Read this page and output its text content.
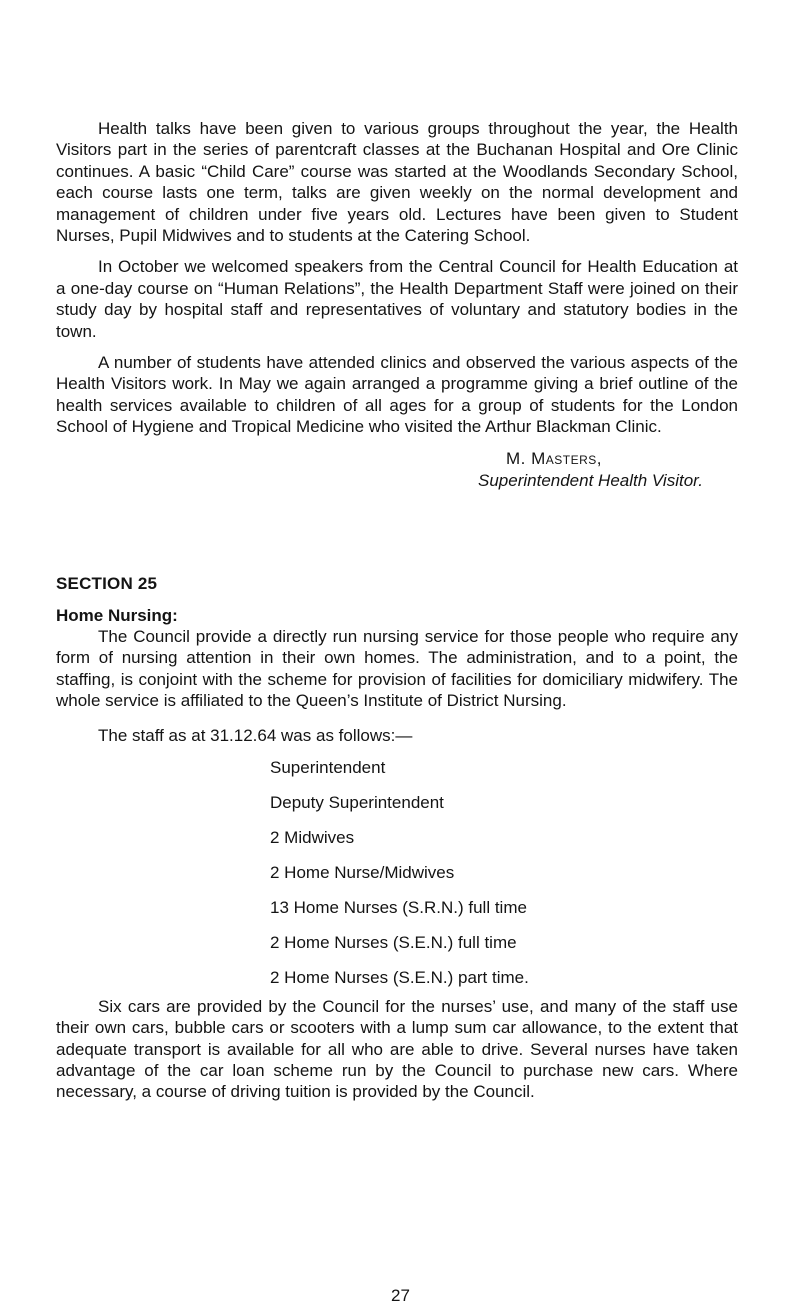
Health talks have been given to various groups throughout the year, the Health Visitors part in the series of parentcraft classes at the Buchanan Hospital and Ore Clinic continues. A basic “Child Care” course was started at the Woodlands Secondary School, each course lasts one term, talks are given weekly on the normal development and management of children under five years old. Lectures have been given to Student Nurses, Pupil Midwives and to students at the Catering School.

In October we welcomed speakers from the Central Council for Health Education at a one-day course on “Human Relations”, the Health Department Staff were joined on their study day by hospital staff and representatives of voluntary and statutory bodies in the town.

A number of students have attended clinics and observed the various aspects of the Health Visitors work. In May we again arranged a programme giving a brief outline of the health services available to children of all ages for a group of students for the London School of Hygiene and Tropical Medicine who visited the Arthur Blackman Clinic.

M. Masters,
Superintendent Health Visitor.
SECTION 25
Home Nursing:

The Council provide a directly run nursing service for those people who require any form of nursing attention in their own homes. The administration, and to a point, the staffing, is conjoint with the scheme for provision of facilities for domiciliary midwifery. The whole service is affiliated to the Queen’s Institute of District Nursing.

The staff as at 31.12.64 was as follows:—

Superintendent
Deputy Superintendent
2 Midwives
2 Home Nurse/Midwives
13 Home Nurses (S.R.N.) full time
2 Home Nurses (S.E.N.) full time
2 Home Nurses (S.E.N.) part time.

Six cars are provided by the Council for the nurses’ use, and many of the staff use their own cars, bubble cars or scooters with a lump sum car allowance, to the extent that adequate transport is available for all who are able to drive. Several nurses have taken advantage of the car loan scheme run by the Council to purchase new cars. Where necessary, a course of driving tuition is provided by the Council.

27
